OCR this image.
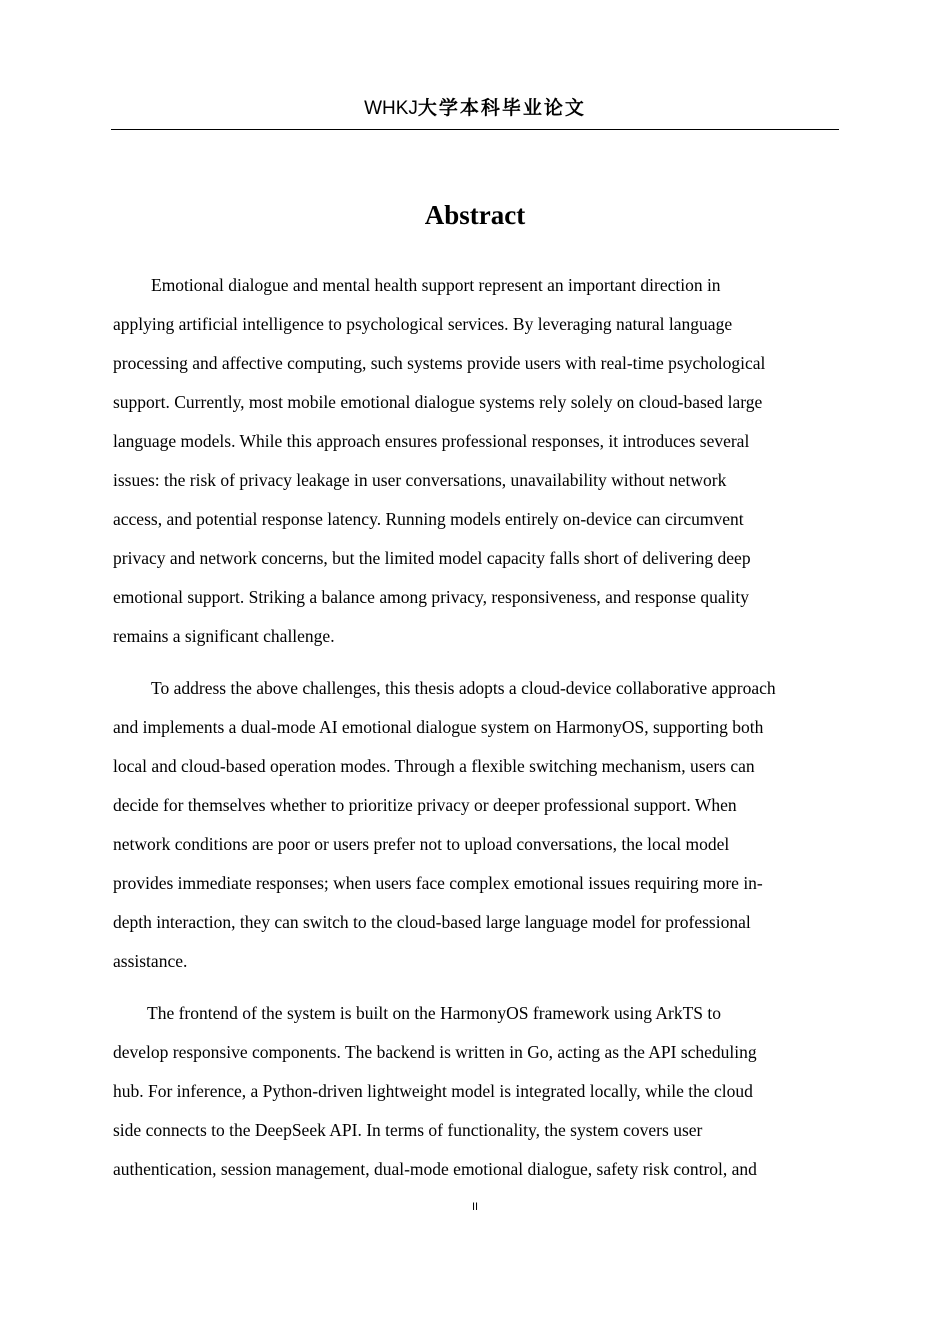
WHKJ大学本科毕业论文
Abstract

Emotional dialogue and mental health support represent an important direction in
applying artificial intelligence to psychological services. By leveraging natural language
processing and affective computing, such systems provide users with real-time psychological
support. Currently, most mobile emotional dialogue systems rely solely on cloud-based large
language models. While this approach ensures professional responses, it introduces several
issues: the risk of privacy leakage in user conversations, unavailability without network
access, and potential response latency. Running models entirely on-device can circumvent
privacy and network concerns, but the limited model capacity falls short of delivering deep
emotional support. Striking a balance among privacy, responsiveness, and response quality
remains a significant challenge.

To address the above challenges, this thesis adopts a cloud-device collaborative approach
and implements a dual-mode AI emotional dialogue system on HarmonyOS, supporting both
local and cloud-based operation modes. Through a flexible switching mechanism, users can
decide for themselves whether to prioritize privacy or deeper professional support. When
network conditions are poor or users prefer not to upload conversations, the local model
provides immediate responses; when users face complex emotional issues requiring more in-
depth interaction, they can switch to the cloud-based large language model for professional
assistance.

The frontend of the system is built on the HarmonyOS framework using ArkTS to
develop responsive components. The backend is written in Go, acting as the API scheduling
hub. For inference, a Python-driven lightweight model is integrated locally, while the cloud
side connects to the DeepSeek API. In terms of functionality, the system covers user
authentication, session management, dual-mode emotional dialogue, safety risk control, and

II
